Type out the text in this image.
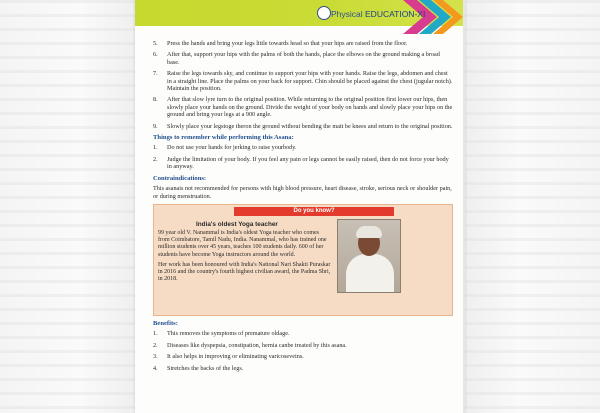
Physical EDUCATION-XI
5. Press the hands and bring your legs little towards head so that your hips are raised from the floor.
6. After that, support your hips with the palms of both the hands, place the elbows on the ground making a broad base.
7. Raise the legs towards sky, and continue to support your hips with your hands. Raise the legs, abdomen and chest in a straight line. Place the palms on your back for support. Chin should be placed against the chest (jugular notch). Maintain the position.
8. After that slow lyre turn to the original position. While returning to the original position first lower our hips, then slowly place your hands on the ground. Divide the weight of your body on hands and slowly place your hips on the ground and bring your legs at a 900 angle.
9. Slowly place your legstoge theron the ground without bending the matt be knees and return to the original position.
Things to remember while performing this Asana:
1. Do not use your hands for jerking to raise yourbody.
2. Judge the limitation of your body. If you feel any pain or legs cannot be easily raised, then do not force your body in anyway.
Contraindications:
This asanais not recommended for persons with high blood pressure, heart disease, stroke, serious neck or shoulder pain, or during menstruation.
Do you know?
India's oldest Yoga teacher

99 year old V. Nanammal is India's oldest Yoga teacher who comes from Coimbatore, Tamil Nadu, India. Nanammal, who has trained one million students over 45 years, teaches 100 students daily. 600 of her students have become Yoga instructors around the world.

Her work has been honoured with India's National Nari Shakti Puraskar in 2016 and the country's fourth highest civilian award, the Padma Shri, in 2018.

Benefits:
1. This removes the symptoms of premature oldage.
2. Diseases like dyspepsia, constipation, hernia canbe treated by this asana.
3. It also helps in improving or eliminating varicoseveins.
4. Stretches the backs of the legs.
